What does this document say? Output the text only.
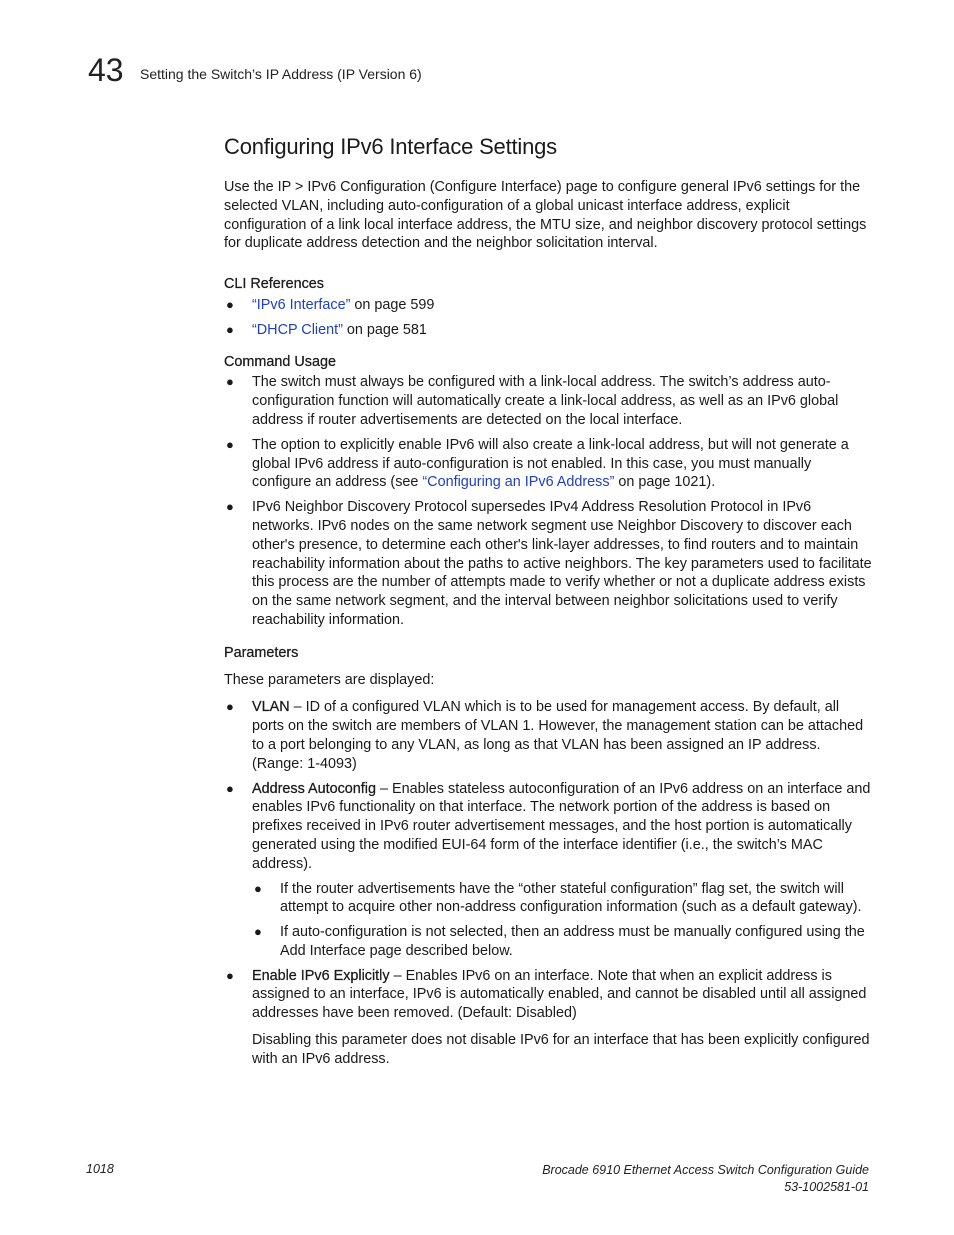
43 Setting the Switch’s IP Address (IP Version 6)
Configuring IPv6 Interface Settings

Use the IP > IPv6 Configuration (Configure Interface) page to configure general IPv6 settings for the selected VLAN, including auto-configuration of a global unicast interface address, explicit configuration of a link local interface address, the MTU size, and neighbor discovery protocol settings for duplicate address detection and the neighbor solicitation interval.

CLI References
● “IPv6 Interface” on page 599
● “DHCP Client” on page 581
Command Usage
● The switch must always be configured with a link-local address. The switch’s address auto-configuration function will automatically create a link-local address, as well as an IPv6 global address if router advertisements are detected on the local interface.
● The option to explicitly enable IPv6 will also create a link-local address, but will not generate a global IPv6 address if auto-configuration is not enabled. In this case, you must manually configure an address (see “Configuring an IPv6 Address” on page 1021).
● IPv6 Neighbor Discovery Protocol supersedes IPv4 Address Resolution Protocol in IPv6 networks. IPv6 nodes on the same network segment use Neighbor Discovery to discover each other's presence, to determine each other's link-layer addresses, to find routers and to maintain reachability information about the paths to active neighbors. The key parameters used to facilitate this process are the number of attempts made to verify whether or not a duplicate address exists on the same network segment, and the interval between neighbor solicitations used to verify reachability information.
Parameters

These parameters are displayed:

● VLAN – ID of a configured VLAN which is to be used for management access. By default, all ports on the switch are members of VLAN 1. However, the management station can be attached to a port belonging to any VLAN, as long as that VLAN has been assigned an IP address. (Range: 1-4093)
● Address Autoconfig – Enables stateless autoconfiguration of an IPv6 address on an interface and enables IPv6 functionality on that interface. The network portion of the address is based on prefixes received in IPv6 router advertisement messages, and the host portion is automatically generated using the modified EUI-64 form of the interface identifier (i.e., the switch’s MAC address).
● If the router advertisements have the “other stateful configuration” flag set, the switch will attempt to acquire other non-address configuration information (such as a default gateway).
● If auto-configuration is not selected, then an address must be manually configured using the Add Interface page described below.
● Enable IPv6 Explicitly – Enables IPv6 on an interface. Note that when an explicit address is assigned to an interface, IPv6 is automatically enabled, and cannot be disabled until all assigned addresses have been removed. (Default: Disabled)

Disabling this parameter does not disable IPv6 for an interface that has been explicitly configured with an IPv6 address.

1018	Brocade 6910 Ethernet Access Switch Configuration Guide
53-1002581-01
